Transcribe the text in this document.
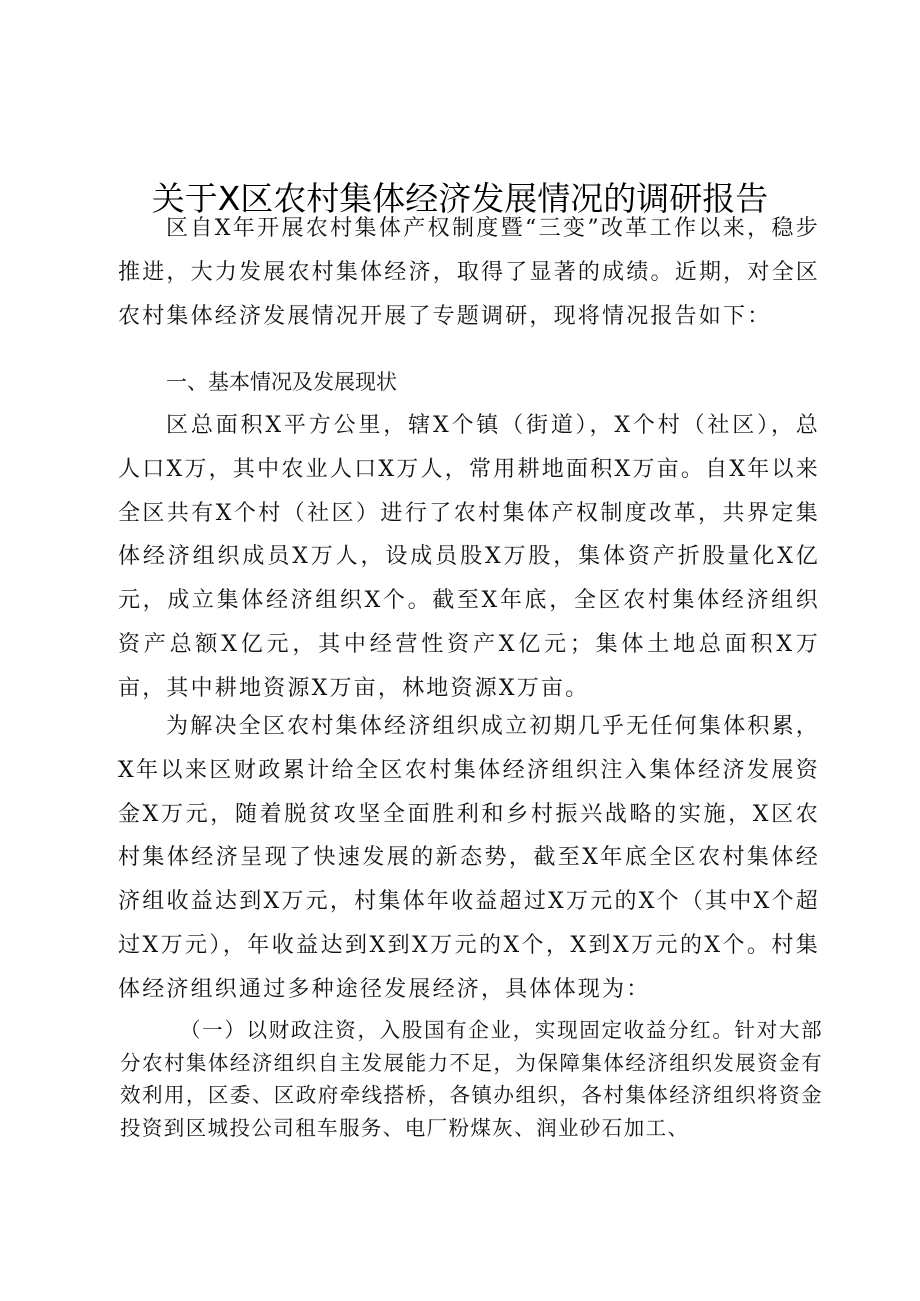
关于X区农村集体经济发展情况的调研报告

区自X年开展农村集体产权制度暨“三变”改革工作以来，稳步推进，大力发展农村集体经济，取得了显著的成绩。近期，对全区农村集体经济发展情况开展了专题调研，现将情况报告如下：

一、基本情况及发展现状

区总面积X平方公里，辖X个镇（街道），X个村（社区），总人口X万，其中农业人口X万人，常用耕地面积X万亩。自X年以来全区共有X个村（社区）进行了农村集体产权制度改革，共界定集体经济组织成员X万人，设成员股X万股，集体资产折股量化X亿元，成立集体经济组织X个。截至X年底，全区农村集体经济组织资产总额X亿元，其中经营性资产X亿元；集体土地总面积X万亩，其中耕地资源X万亩，林地资源X万亩。

为解决全区农村集体经济组织成立初期几乎无任何集体积累，X年以来区财政累计给全区农村集体经济组织注入集体经济发展资金X万元，随着脱贫攻坚全面胜利和乡村振兴战略的实施，X区农村集体经济呈现了快速发展的新态势，截至X年底全区农村集体经济组收益达到X万元，村集体年收益超过X万元的X个（其中X个超过X万元），年收益达到X到X万元的X个，X到X万元的X个。村集体经济组织通过多种途径发展经济，具体体现为：

（一）以财政注资，入股国有企业，实现固定收益分红。针对大部分农村集体经济组织自主发展能力不足，为保障集体经济组织发展资金有效利用，区委、区政府牵线搭桥，各镇办组织，各村集体经济组织将资金投资到区城投公司租车服务、电厂粉煤灰、润业砂石加工、
